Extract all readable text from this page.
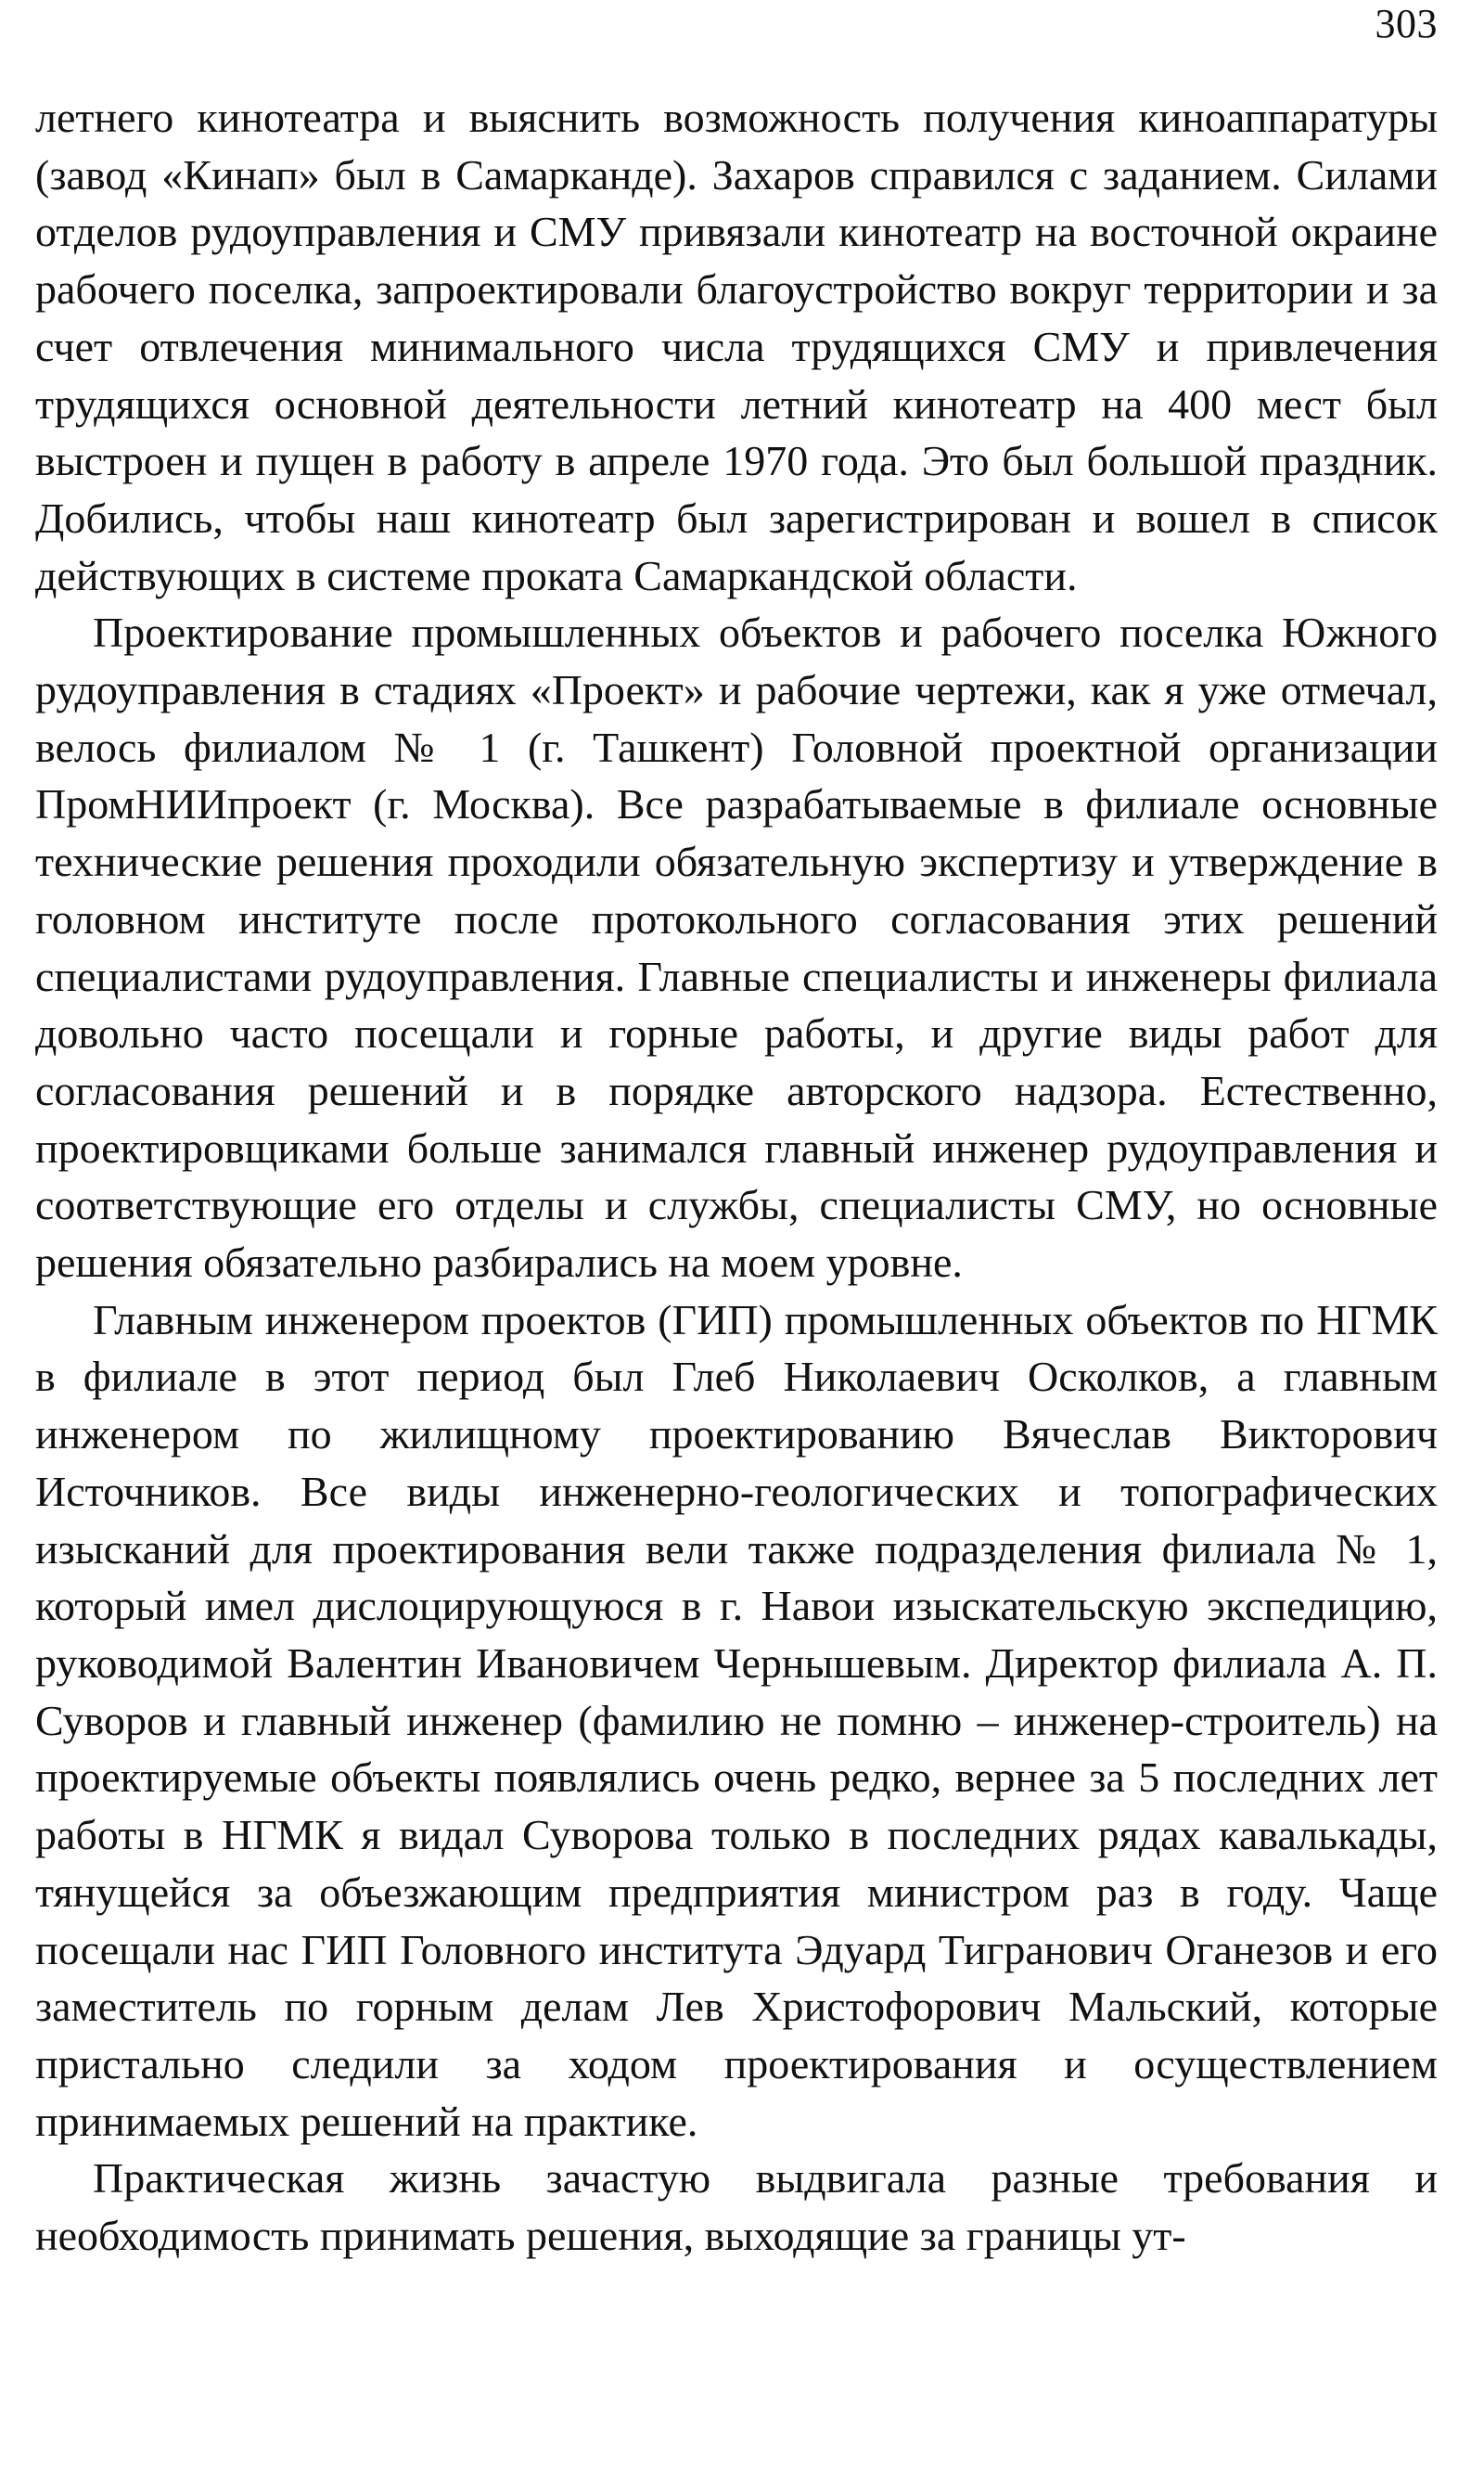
303

летнего кинотеатра и выяснить возможность получения киноаппаратуры (завод «Кинап» был в Самарканде). Захаров справился с заданием. Силами отделов рудоуправления и СМУ привязали кинотеатр на восточной окраине рабочего поселка, запроектировали благоустройство вокруг территории и за счет отвлечения минимального числа трудящихся СМУ и привлечения трудящихся основной деятельности летний кинотеатр на 400 мест был выстроен и пущен в работу в апреле 1970 года. Это был большой праздник. Добились, чтобы наш кинотеатр был зарегистрирован и вошел в список действующих в системе проката Самаркандской области.

Проектирование промышленных объектов и рабочего поселка Южного рудоуправления в стадиях «Проект» и рабочие чертежи, как я уже отмечал, велось филиалом № 1 (г. Ташкент) Головной проектной организации ПромНИИпроект (г. Москва). Все разрабатываемые в филиале основные технические решения проходили обязательную экспертизу и утверждение в головном институте после протокольного согласования этих решений специалистами рудоуправления. Главные специалисты и инженеры филиала довольно часто посещали и горные работы, и другие виды работ для согласования решений и в порядке авторского надзора. Естественно, проектировщиками больше занимался главный инженер рудоуправления и соответствующие его отделы и службы, специалисты СМУ, но основные решения обязательно разбирались на моем уровне.

Главным инженером проектов (ГИП) промышленных объектов по НГМК в филиале в этот период был Глеб Николаевич Осколков, а главным инженером по жилищному проектированию Вячеслав Викторович Источников. Все виды инженерно-геологических и топографических изысканий для проектирования вели также подразделения филиала № 1, который имел дислоцирующуюся в г. Навои изыскательскую экспедицию, руководимой Валентин Ивановичем Чернышевым. Директор филиала А. П. Суворов и главный инженер (фамилию не помню – инженер-строитель) на проектируемые объекты появлялись очень редко, вернее за 5 последних лет работы в НГМК я видал Суворова только в последних рядах кавалькады, тянущейся за объезжающим предприятия министром раз в году. Чаще посещали нас ГИП Головного института Эдуард Тигранович Оганезов и его заместитель по горным делам Лев Христофорович Мальский, которые пристально следили за ходом проектирования и осуществлением принимаемых решений на практике.

Практическая жизнь зачастую выдвигала разные требования и необходимость принимать решения, выходящие за границы ут-
